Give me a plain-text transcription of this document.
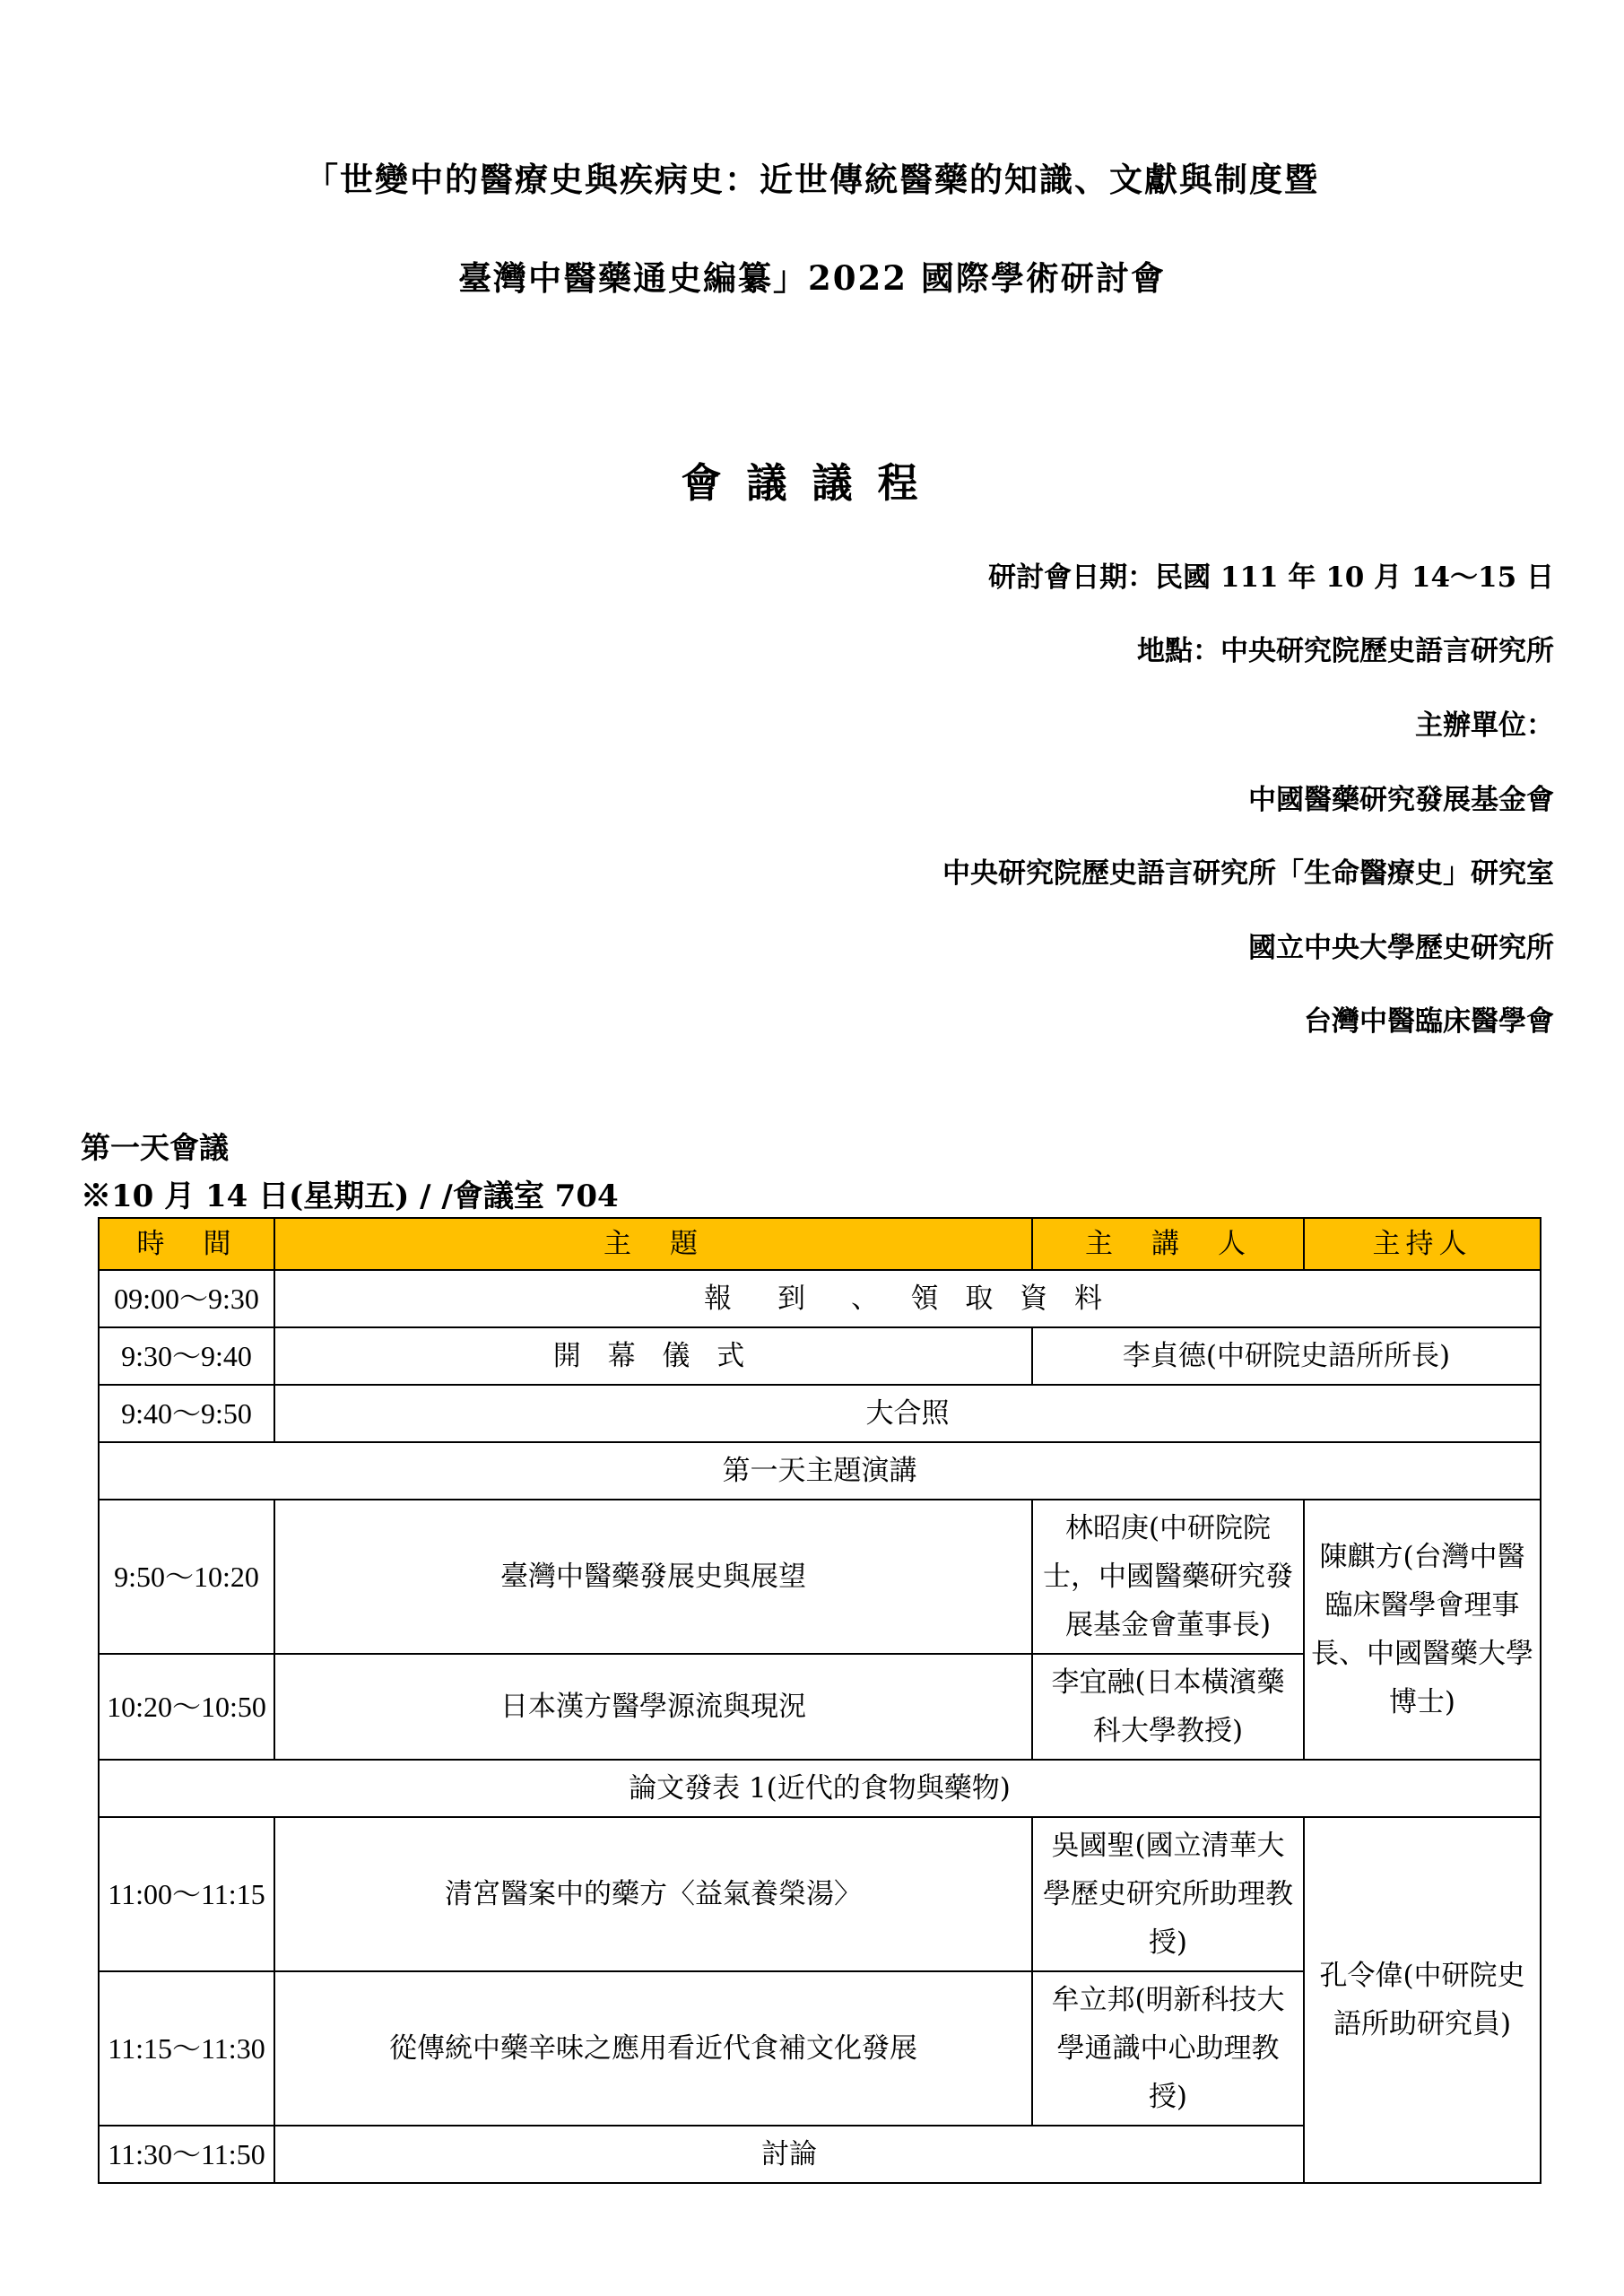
「世變中的醫療史與疾病史：近世傳統醫藥的知識、文獻與制度暨
臺灣中醫藥通史編纂」2022 國際學術研討會
會議議程
研討會日期：民國 111 年 10 月 14～15 日
地點：中央研究院歷史語言研究所
主辦單位：
中國醫藥研究發展基金會
中央研究院歷史語言研究所「生命醫療史」研究室
國立中央大學歷史研究所
台灣中醫臨床醫學會
第一天會議
※10 月 14 日(星期五) / /會議室 704
時　間	主　題	主　講　人	主持人
09:00～9:30	報　到　、　領 取 資 料		
9:30～9:40	開 幕 儀 式	李貞德(中研院史語所所長)	
9:40～9:50	大合照		
第一天主題演講			
9:50～10:20	臺灣中醫藥發展史與展望	林昭庚(中研院院士，中國醫藥研究發展基金會董事長)	陳麒方(台灣中醫臨床醫學會理事長、中國醫藥大學博士)
10:20～10:50	日本漢方醫學源流與現況	李宜融(日本橫濱藥科大學教授)	
論文發表 1(近代的食物與藥物)			
11:00～11:15	清宮醫案中的藥方〈益氣養榮湯〉	吳國聖(國立清華大學歷史研究所助理教授)	孔令偉(中研院史語所助研究員)
11:15～11:30	從傳統中藥辛味之應用看近代食補文化發展	牟立邦(明新科技大學通識中心助理教授)	
11:30～11:50	討論		
